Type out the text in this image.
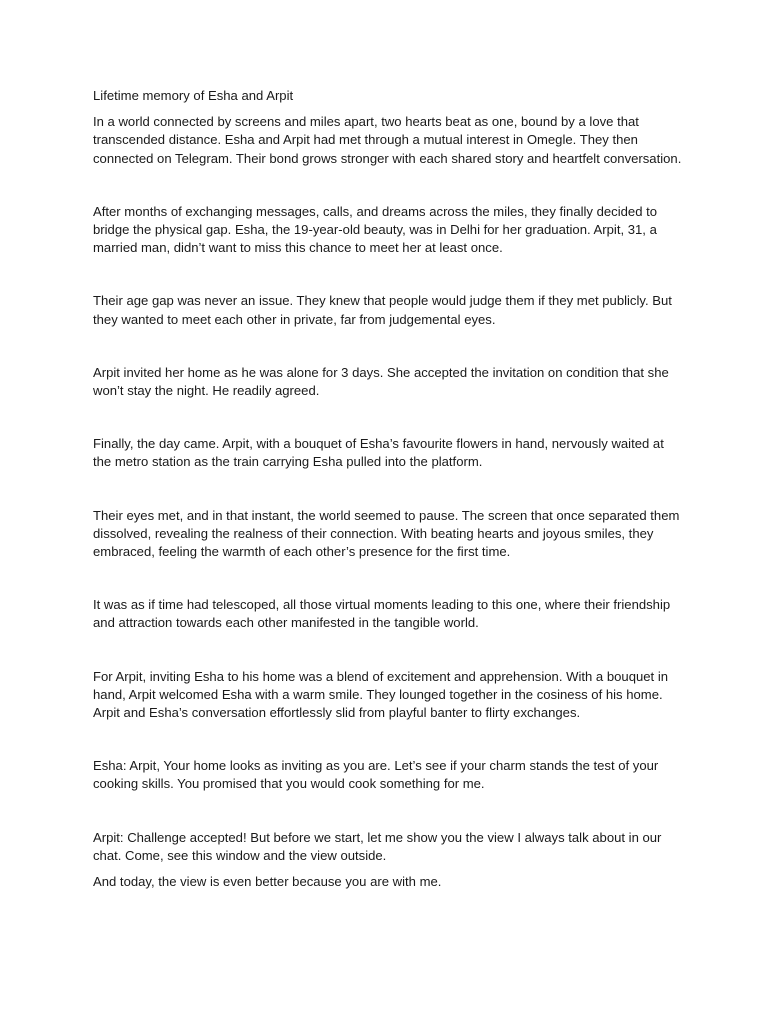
Lifetime memory of Esha and Arpit

In a world connected by screens and miles apart, two hearts beat as one, bound by a love that transcended distance. Esha and Arpit had met through a mutual interest in Omegle. They then connected on Telegram. Their bond grows stronger with each shared story and heartfelt conversation.

After months of exchanging messages, calls, and dreams across the miles, they finally decided to bridge the physical gap. Esha, the 19-year-old beauty, was in Delhi for her graduation. Arpit, 31, a married man, didn’t want to miss this chance to meet her at least once.

Their age gap was never an issue. They knew that people would judge them if they met publicly. But they wanted to meet each other in private, far from judgemental eyes.

Arpit invited her home as he was alone for 3 days. She accepted the invitation on condition that she won’t stay the night. He readily agreed.

Finally, the day came. Arpit, with a bouquet of Esha’s favourite flowers in hand, nervously waited at the metro station as the train carrying Esha pulled into the platform.

Their eyes met, and in that instant, the world seemed to pause. The screen that once separated them dissolved, revealing the realness of their connection. With beating hearts and joyous smiles, they embraced, feeling the warmth of each other’s presence for the first time.

It was as if time had telescoped, all those virtual moments leading to this one, where their friendship and attraction towards each other manifested in the tangible world.

For Arpit, inviting Esha to his home was a blend of excitement and apprehension. With a bouquet in hand, Arpit welcomed Esha with a warm smile. They lounged together in the cosiness of his home. Arpit and Esha’s conversation effortlessly slid from playful banter to flirty exchanges.

Esha: Arpit, Your home looks as inviting as you are. Let’s see if your charm stands the test of your cooking skills. You promised that you would cook something for me.

Arpit: Challenge accepted! But before we start, let me show you the view I always talk about in our chat. Come, see this window and the view outside.

And today, the view is even better because you are with me.
